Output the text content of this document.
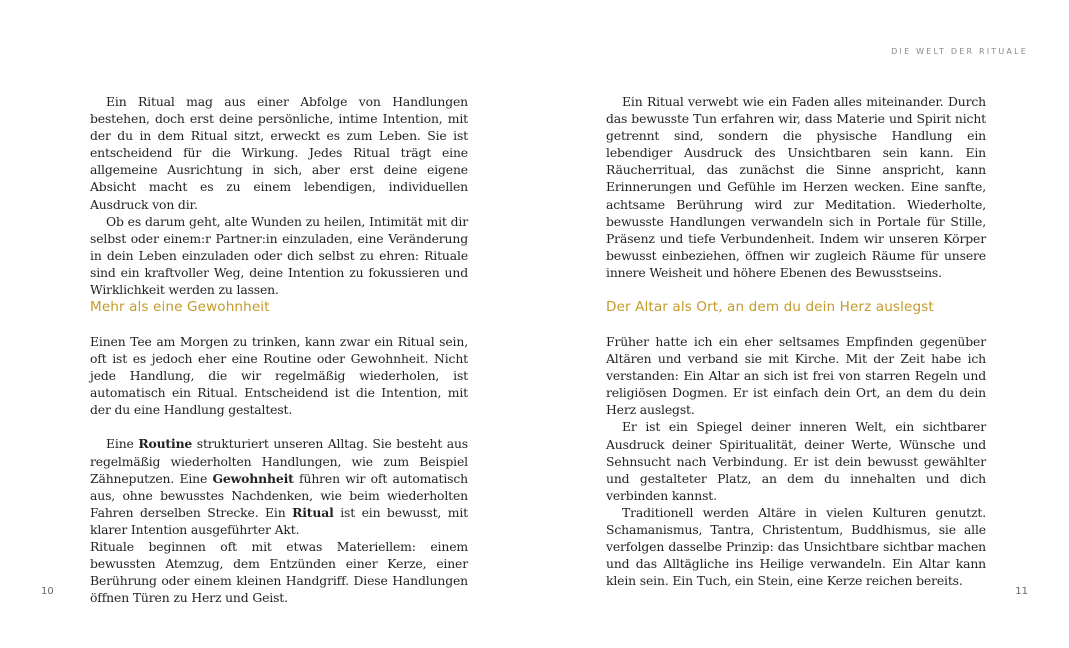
Ein Ritual mag aus einer Abfolge von Handlungen bestehen, doch erst deine persönliche, intime Intention, mit der du in dem Ritual sitzt, erweckt es zum Leben. Sie ist entscheidend für die Wirkung. Jedes Ritual trägt eine allgemeine Ausrichtung in sich, aber erst deine eigene Absicht macht es zu einem lebendigen, individuellen Ausdruck von dir.

Ob es darum geht, alte Wunden zu heilen, Intimität mit dir selbst oder einem:r Partner:in einzuladen, eine Veränderung in dein Leben einzuladen oder dich selbst zu ehren: Rituale sind ein kraftvoller Weg, deine Intention zu fokussieren und Wirklichkeit werden zu lassen.

Mehr als eine Gewohnheit

Einen Tee am Morgen zu trinken, kann zwar ein Ritual sein, oft ist es jedoch eher eine Routine oder Gewohnheit. Nicht jede Handlung, die wir regelmäßig wiederholen, ist automatisch ein Ritual. Entscheidend ist die Intention, mit der du eine Handlung gestaltest.

Eine Routine strukturiert unseren Alltag. Sie besteht aus regelmäßig wiederholten Handlungen, wie zum Beispiel Zähneputzen. Eine Gewohnheit führen wir oft automatisch aus, ohne bewusstes Nachdenken, wie beim wiederholten Fahren derselben Strecke. Ein Ritual ist ein bewusst, mit klarer Intention ausgeführter Akt.

Rituale beginnen oft mit etwas Materiellem: einem bewussten Atemzug, dem Entzünden einer Kerze, einer Berührung oder einem kleinen Handgriff. Diese Handlungen öffnen Türen zu Herz und Geist.

10
DIE WELT DER RITUALE

Ein Ritual verwebt wie ein Faden alles miteinander. Durch das bewusste Tun erfahren wir, dass Materie und Spirit nicht getrennt sind, sondern die physische Handlung ein lebendiger Ausdruck des Unsichtbaren sein kann. Ein Räucherritual, das zunächst die Sinne anspricht, kann Erinnerungen und Gefühle im Herzen wecken. Eine sanfte, achtsame Berührung wird zur Meditation. Wiederholte, bewusste Handlungen verwandeln sich in Portale für Stille, Präsenz und tiefe Verbundenheit. Indem wir unseren Körper bewusst einbeziehen, öffnen wir zugleich Räume für unsere innere Weisheit und höhere Ebenen des Bewusstseins.

Der Altar als Ort, an dem du dein Herz auslegst

Früher hatte ich ein eher seltsames Empfinden gegenüber Altären und verband sie mit Kirche. Mit der Zeit habe ich verstanden: Ein Altar an sich ist frei von starren Regeln und religiösen Dogmen. Er ist einfach dein Ort, an dem du dein Herz auslegst.

Er ist ein Spiegel deiner inneren Welt, ein sichtbarer Ausdruck deiner Spiritualität, deiner Werte, Wünsche und Sehnsucht nach Verbindung. Er ist dein bewusst gewählter und gestalteter Platz, an dem du innehalten und dich verbinden kannst.

Traditionell werden Altäre in vielen Kulturen genutzt. Schamanismus, Tantra, Christentum, Buddhismus, sie alle verfolgen dasselbe Prinzip: das Unsichtbare sichtbar machen und das Alltägliche ins Heilige verwandeln. Ein Altar kann klein sein. Ein Tuch, ein Stein, eine Kerze reichen bereits.

11
